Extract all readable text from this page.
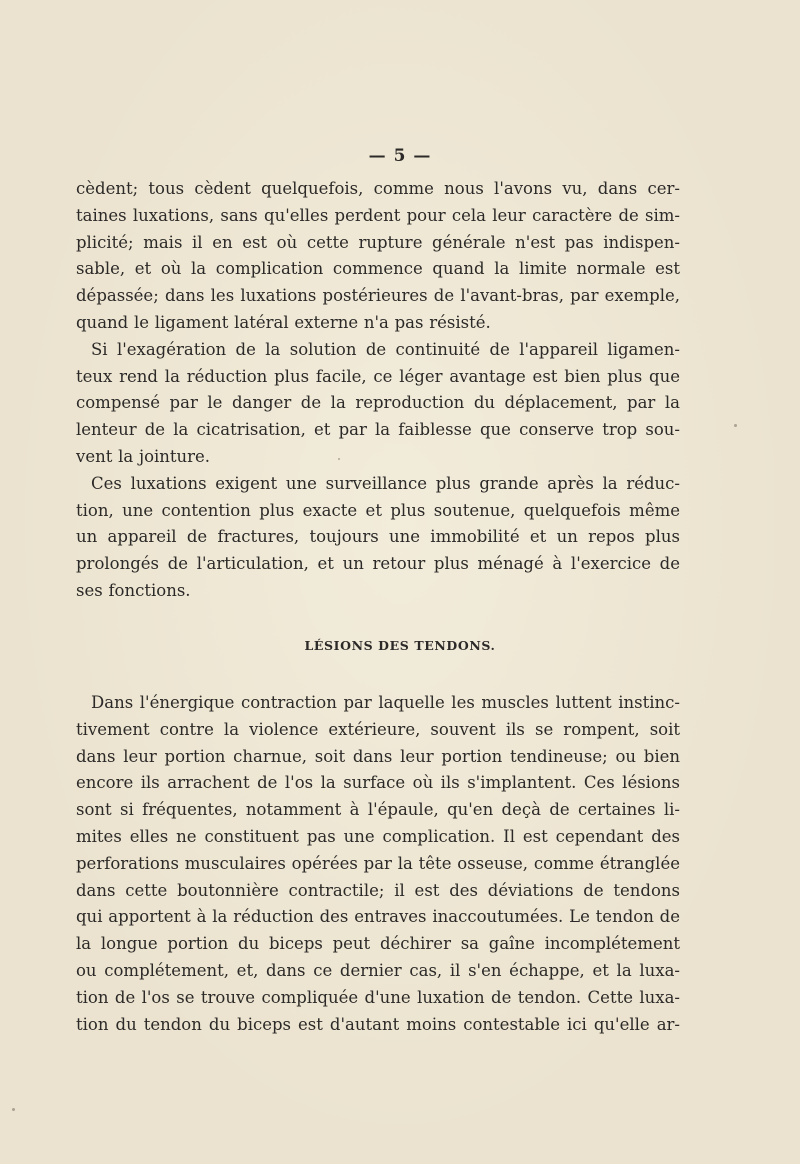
— 5 —
cèdent; tous cèdent quelquefois, comme nous l'avons vu, dans cer-
taines luxations, sans qu'elles perdent pour cela leur caractère de sim-
plicité; mais il en est où cette rupture générale n'est pas indispen-
sable, et où la complication commence quand la limite normale est
dépassée; dans les luxations postérieures de l'avant-bras, par exemple,
quand le ligament latéral externe n'a pas résisté.
Si l'exagération de la solution de continuité de l'appareil ligamen-
teux rend la réduction plus facile, ce léger avantage est bien plus que
compensé par le danger de la reproduction du déplacement, par la
lenteur de la cicatrisation, et par la faiblesse que conserve trop sou-
vent la jointure.
Ces luxations exigent une surveillance plus grande après la réduc-
tion, une contention plus exacte et plus soutenue, quelquefois même
un appareil de fractures, toujours une immobilité et un repos plus
prolongés de l'articulation, et un retour plus ménagé à l'exercice de
ses fonctions.
LÉSIONS DES TENDONS.
Dans l'énergique contraction par laquelle les muscles luttent instinc-
tivement contre la violence extérieure, souvent ils se rompent, soit
dans leur portion charnue, soit dans leur portion tendineuse; ou bien
encore ils arrachent de l'os la surface où ils s'implantent. Ces lésions
sont si fréquentes, notamment à l'épaule, qu'en deçà de certaines li-
mites elles ne constituent pas une complication. Il est cependant des
perforations musculaires opérées par la tête osseuse, comme étranglée
dans cette boutonnière contractile; il est des déviations de tendons
qui apportent à la réduction des entraves inaccoutumées. Le tendon de
la longue portion du biceps peut déchirer sa gaîne incomplétement
ou complétement, et, dans ce dernier cas, il s'en échappe, et la luxa-
tion de l'os se trouve compliquée d'une luxation de tendon. Cette luxa-
tion du tendon du biceps est d'autant moins contestable ici qu'elle ar-
